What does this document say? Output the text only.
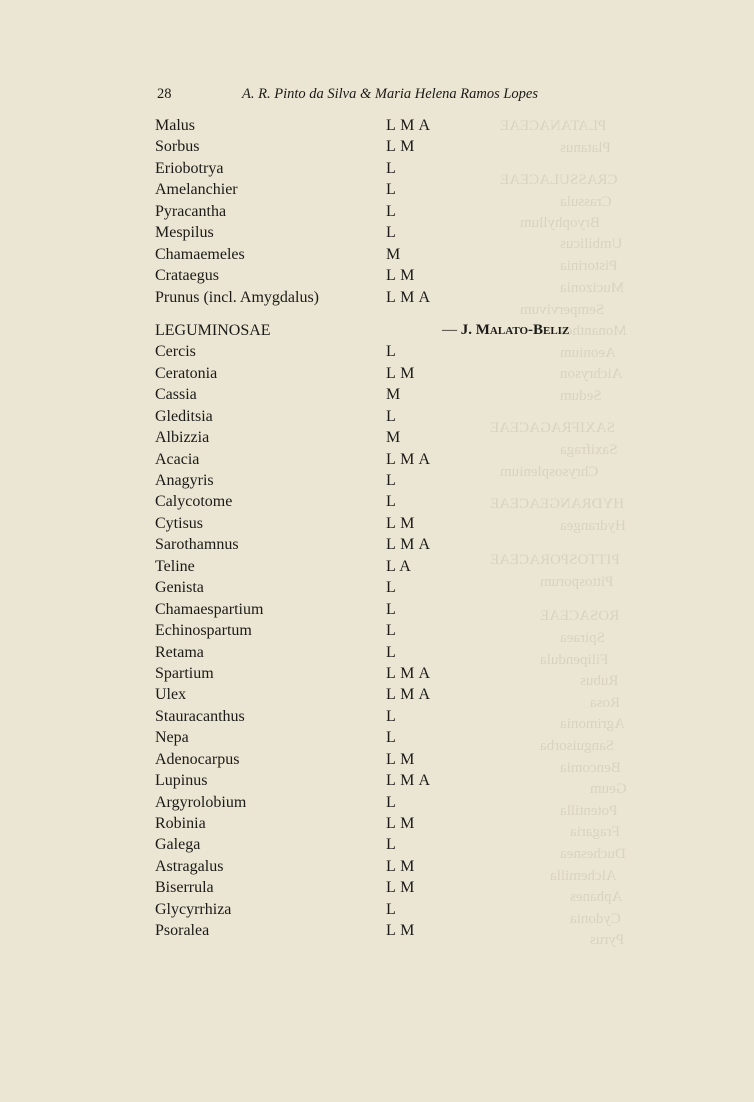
PLATANACEAE
Platanus
CRASSULACEAE
Crassula
Bryophyllum
Umbilicus
Pistorinia
Mucizonia
Sempervivum
Monanthes
Aeonium
Aichryson
Sedum
SAXIFRAGACEAE
Saxifraga
Chrysosplenium
HYDRANGEACEAE
Hydrangea
PITTOSPORACEAE
Pittosporum
ROSACEAE
Spiraea
Filipendula
Rubus
Rosa
Agrimonia
Sanguisorba
Bencomia
Geum
Potentilla
Fragaria
Duchesnea
Alchemilla
Aphanes
Cydonia
Pyrus
28	A. R. Pinto da Silva & Maria Helena Ramos Lopes
Malus	L M A
Sorbus	L M
Eriobotrya	L
Amelanchier	L
Pyracantha	L
Mespilus	L
Chamaemeles	M
Crataegus	L M
Prunus (incl. Amygdalus)	L M A
LEGUMINOSAE	— J. Malato-Beliz
Cercis	L
Ceratonia	L M
Cassia	M
Gleditsia	L
Albizzia	M
Acacia	L M A
Anagyris	L
Calycotome	L
Cytisus	L M
Sarothamnus	L M A
Teline	L A
Genista	L
Chamaespartium	L
Echinospartum	L
Retama	L
Spartium	L M A
Ulex	L M A
Stauracanthus	L
Nepa	L
Adenocarpus	L M
Lupinus	L M A
Argyrolobium	L
Robinia	L M
Galega	L
Astragalus	L M
Biserrula	L M
Glycyrrhiza	L
Psoralea	L M
